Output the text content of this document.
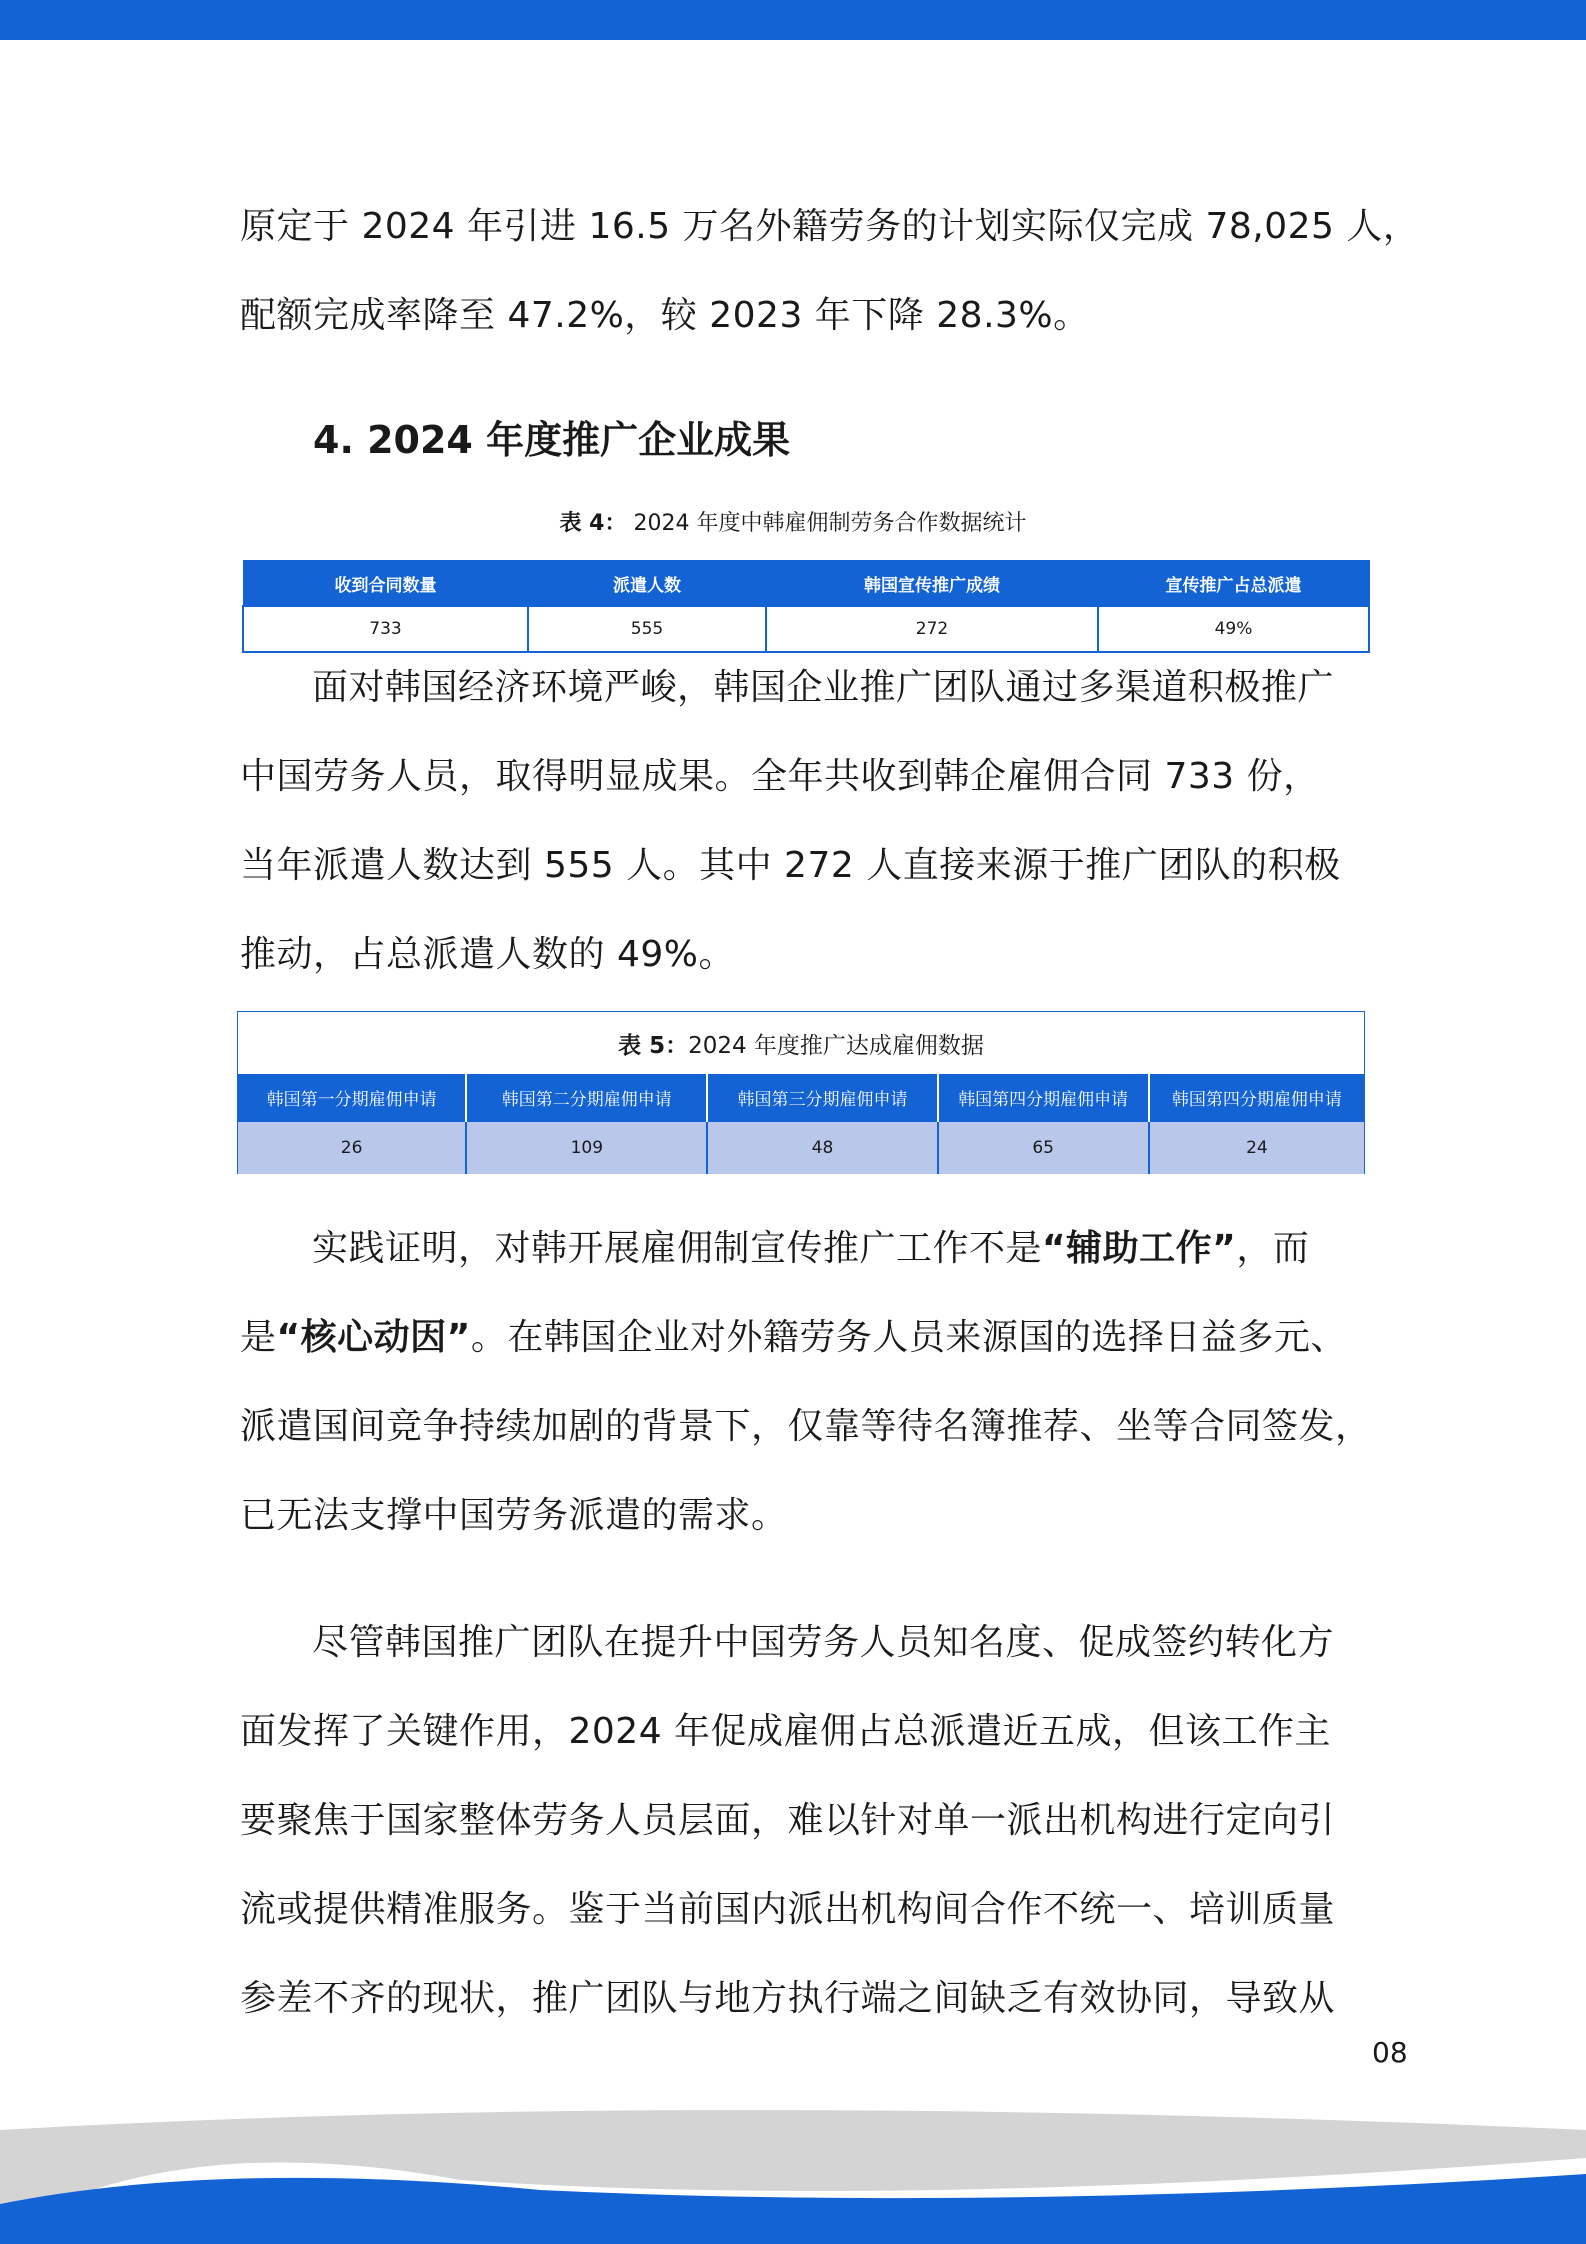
原定于 2024 年引进 16.5 万名外籍劳务的计划实际仅完成 78,025 人，
配额完成率降至 47.2%，较 2023 年下降 28.3%。

4. 2024 年度推广企业成果
表 4： 2024 年度中韩雇佣制劳务合作数据统计
收到合同数量	派遣人数	韩国宣传推广成绩	宣传推广占总派遣
733	555	272	49%

面对韩国经济环境严峻，韩国企业推广团队通过多渠道积极推广
中国劳务人员，取得明显成果。全年共收到韩企雇佣合同 733 份，
当年派遣人数达到 555 人。其中 272 人直接来源于推广团队的积极
推动，占总派遣人数的 49%。

表 5： 2024 年度推广达成雇佣数据
韩国第一分期雇佣申请	韩国第二分期雇佣申请	韩国第三分期雇佣申请	韩国第四分期雇佣申请	韩国第四分期雇佣申请
26	109	48	65	24

实践证明，对韩开展雇佣制宣传推广工作不是“辅助工作”，而
是“核心动因”。在韩国企业对外籍劳务人员来源国的选择日益多元、
派遣国间竞争持续加剧的背景下，仅靠等待名簿推荐、坐等合同签发，
已无法支撑中国劳务派遣的需求。

尽管韩国推广团队在提升中国劳务人员知名度、促成签约转化方
面发挥了关键作用，2024 年促成雇佣占总派遣近五成，但该工作主
要聚焦于国家整体劳务人员层面，难以针对单一派出机构进行定向引
流或提供精准服务。鉴于当前国内派出机构间合作不统一、培训质量
参差不齐的现状，推广团队与地方执行端之间缺乏有效协同，导致从

08
